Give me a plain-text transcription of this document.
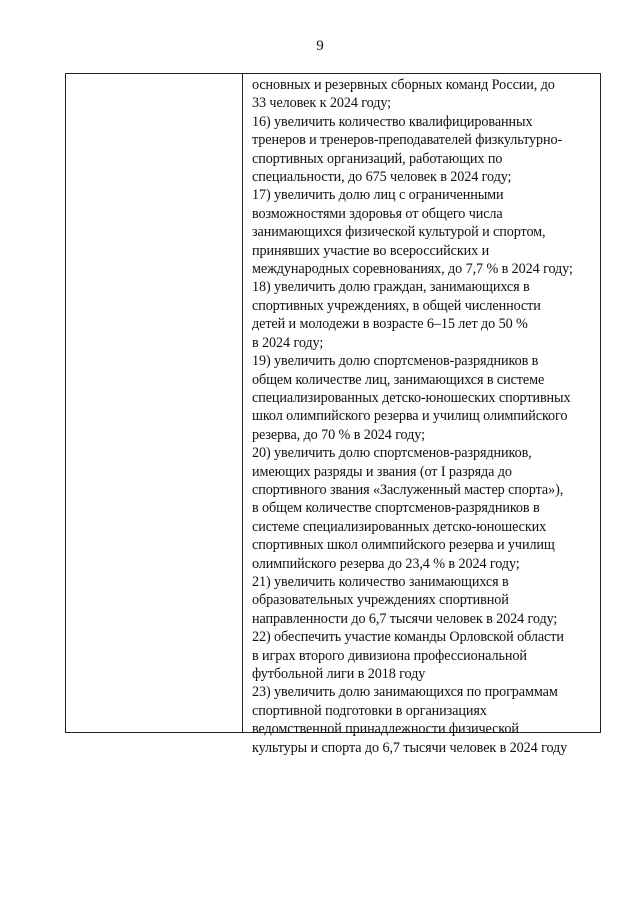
9
основных и резервных сборных команд России, до
33 человек к 2024 году;
16) увеличить количество квалифицированных
тренеров и тренеров-преподавателей физкультурно-
спортивных организаций, работающих по
специальности, до 675 человек в 2024 году;
17) увеличить долю лиц с ограниченными
возможностями здоровья от общего числа
занимающихся физической культурой и спортом,
принявших участие во всероссийских и
международных соревнованиях, до 7,7 % в 2024 году;
18) увеличить долю граждан, занимающихся в
спортивных учреждениях, в общей численности
детей и молодежи в возрасте 6–15 лет до 50 %
в 2024 году;
19) увеличить долю спортсменов-разрядников в
общем количестве лиц, занимающихся в системе
специализированных детско-юношеских спортивных
школ олимпийского резерва и училищ олимпийского
резерва, до 70 % в 2024 году;
20) увеличить долю спортсменов-разрядников,
имеющих разряды и звания (от I разряда до
спортивного звания «Заслуженный мастер спорта»),
в общем количестве спортсменов-разрядников в
системе специализированных детско-юношеских
спортивных школ олимпийского резерва и училищ
олимпийского резерва до 23,4 % в 2024 году;
21) увеличить количество занимающихся в
образовательных учреждениях спортивной
направленности до 6,7 тысячи человек в 2024 году;
22) обеспечить участие команды Орловской области
в играх второго дивизиона профессиональной
футбольной лиги в 2018 году
23) увеличить долю занимающихся по программам
спортивной подготовки в организациях
ведомственной принадлежности физической
культуры и спорта до 6,7 тысячи человек в 2024 году
